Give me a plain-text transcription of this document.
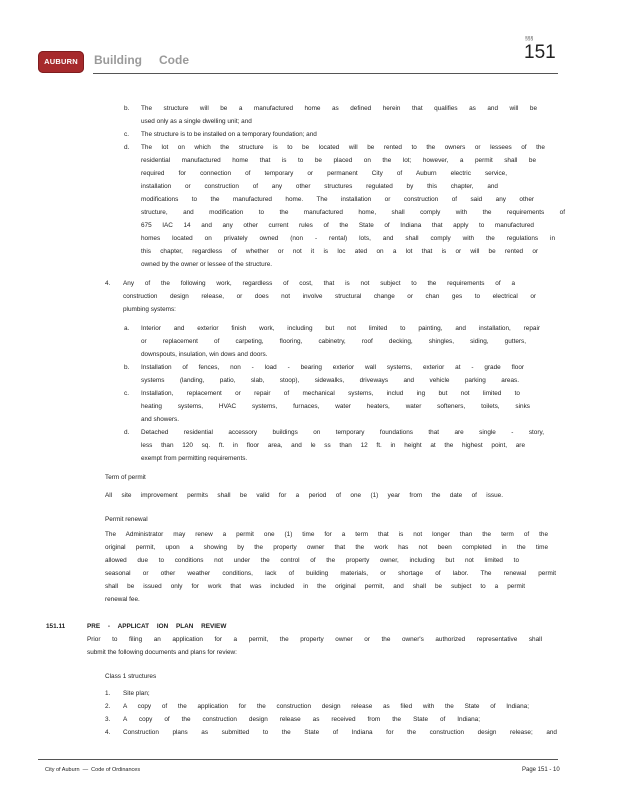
AUBURN	Building Code
§§§
151
b. The structure will be a manufactured home as defined herein that qualifies as and will be
used only as a single dwelling unit; and
c. The structure is to be installed on a temporary foundation; and
d. The lot on which the structure is to be located will be rented to the owners or lessees of the
residential manufactured home that is to be placed on the lot; however, a permit shall be
required for connection of temporary or permanent City of Auburn electric service,
installation or construction of any other structures regulated by this chapter, and
modifications to the manufactured home. The installation or construction of said any other
structure, and modification to the manufactured home, shall comply with the requirements of
675 IAC 14 and any other current rules of the State of Indiana that apply to manufactured
homes located on privately owned (non - rental) lots, and shall comply with the regulations in
this chapter, regardless of whether or not it is loc ated on a lot that is or will be rented or
owned by the owner or lessee of the structure.
4. Any of the following work, regardless of cost, that is not subject to the requirements of a
construction design release, or does not involve structural change or chan ges to electrical or
plumbing systems:
a. Interior and exterior finish work, including but not limited to painting, and installation, repair
or replacement of carpeting, flooring, cabinetry, roof decking, shingles, siding, gutters,
downspouts, insulation, win dows and doors.
b. Installation of fences, non - load - bearing exterior wall systems, exterior at - grade floor
systems (landing, patio, slab, stoop), sidewalks, driveways and vehicle parking areas.
c. Installation, replacement or repair of mechanical systems, includ ing but not limited to
heating systems, HVAC systems, furnaces, water heaters, water softeners, toilets, sinks
and showers.
d. Detached residential accessory buildings on temporary foundations that are single - story,
less than 120 sq. ft. in floor area, and le ss than 12 ft. in height at the highest point, are
exempt from permitting requirements.
Term of permit
All site improvement permits shall be valid for a period of one (1) year from the date of issue.
Permit renewal
The Administrator may renew a permit one (1) time for a term that is not longer than the term of the
original permit, upon a showing by the property owner that the work has not been completed in the time
allowed due to conditions not under the control of the property owner, including but not limited to
seasonal or other weather conditions, lack of building materials, or shortage of labor. The renewal permit
shall be issued only for work that was included in the original permit, and shall be subject to a permit
renewal fee.
151.11	PRE - APPLICAT ION PLAN REVIEW
Prior to filing an application for a permit, the property owner or the owner's authorized representative shall
submit the following documents and plans for review:
Class 1 structures
1. Site plan;
2. A copy of the application for the construction design release as filed with the State of Indiana;
3. A copy of the construction design release as received from the State of Indiana;
4. Construction plans as submitted to the State of Indiana for the construction design release; and
City of Auburn  —  Code of Ordinances	Page 151 - 10
